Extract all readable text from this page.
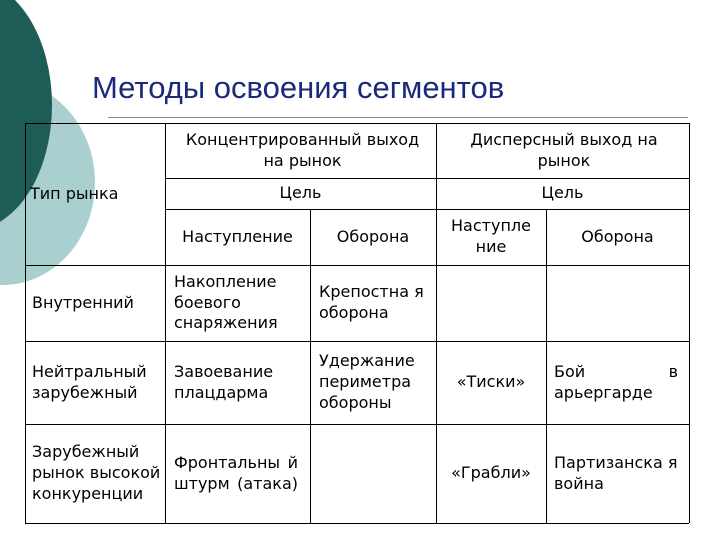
Методы освоения сегментов
Тип рынка
Концентрированный выход на рынок
Дисперсный выход на рынок
Цель	Цель
Наступление	Оборона
Наступле ние
Оборона
Внутренний
Накопление боевого снаряжения
Крепостна я оборона
Нейтральный зарубежный
Завоевание плацдарма
Удержание периметра обороны
«Тиски»
Бой в арьергарде
Зарубежный рынок высокой конкуренции
Фронтальны й штурм (атака)
«Грабли»
Партизанска я война
